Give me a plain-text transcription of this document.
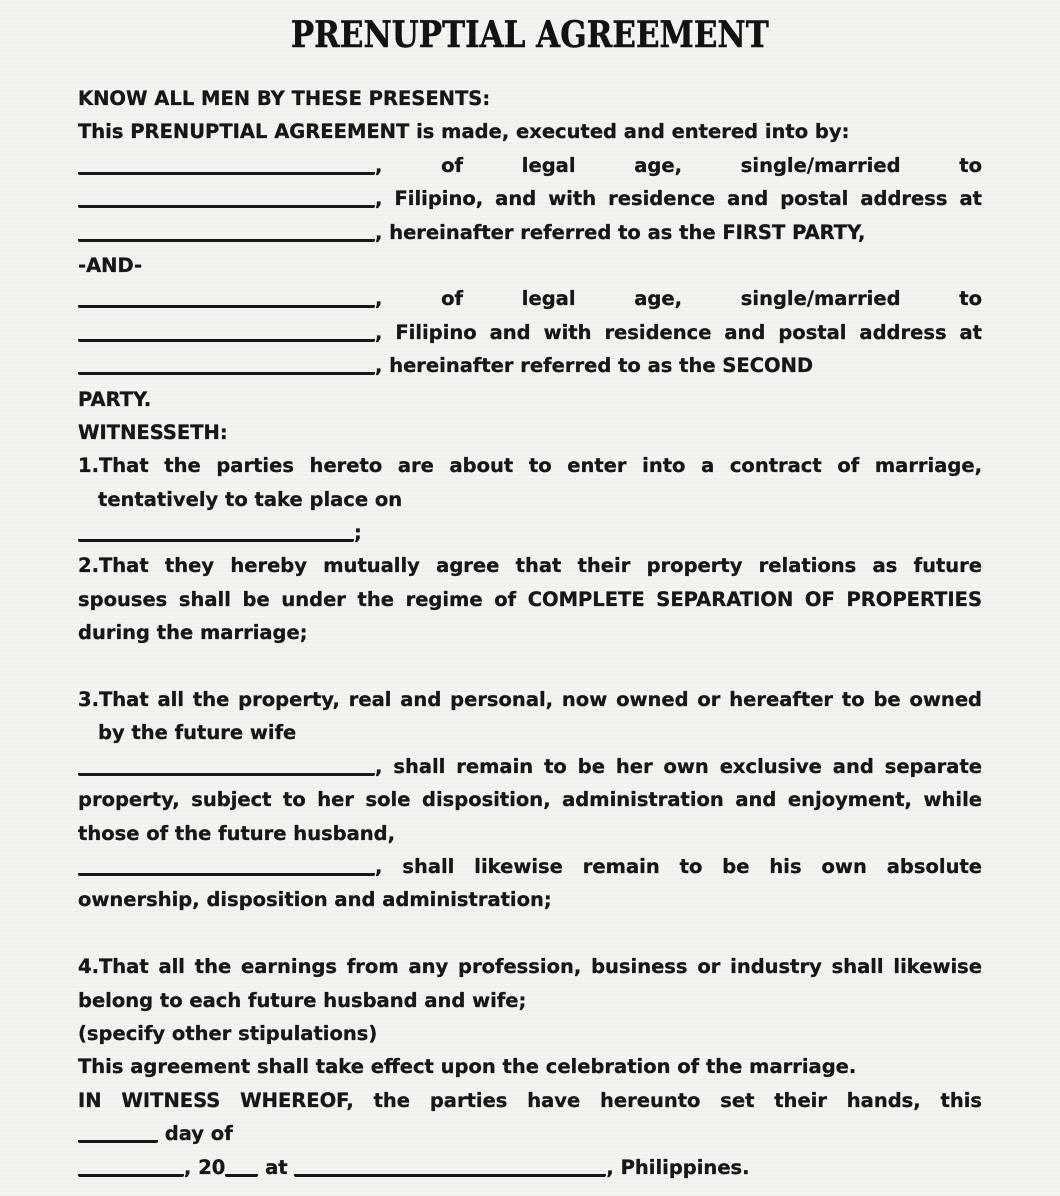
PRENUPTIAL AGREEMENT
KNOW ALL MEN BY THESE PRESENTS:
This PRENUPTIAL AGREEMENT is made, executed and entered into by:
, of legal age, single/married to
, Filipino, and with residence and postal address at
, hereinafter referred to as the FIRST PARTY,
-AND-
, of legal age, single/married to
, Filipino and with residence and postal address at
, hereinafter referred to as the SECOND
PARTY.
WITNESSETH:
1.That the parties hereto are about to enter into a contract of marriage,
tentatively to take place on
;
2.That they hereby mutually agree that their property relations as future
spouses shall be under the regime of COMPLETE SEPARATION OF PROPERTIES
during the marriage;
3.That all the property, real and personal, now owned or hereafter to be owned
by the future wife
, shall remain to be her own exclusive and separate
property, subject to her sole disposition, administration and enjoyment, while
those of the future husband,
, shall likewise remain to be his own absolute
ownership, disposition and administration;
4.That all the earnings from any profession, business or industry shall likewise
belong to each future husband and wife;
(specify other stipulations)
This agreement shall take effect upon the celebration of the marriage.
IN WITNESS WHEREOF, the parties have hereunto set their hands, this
day of
, 20 at	, Philippines.
